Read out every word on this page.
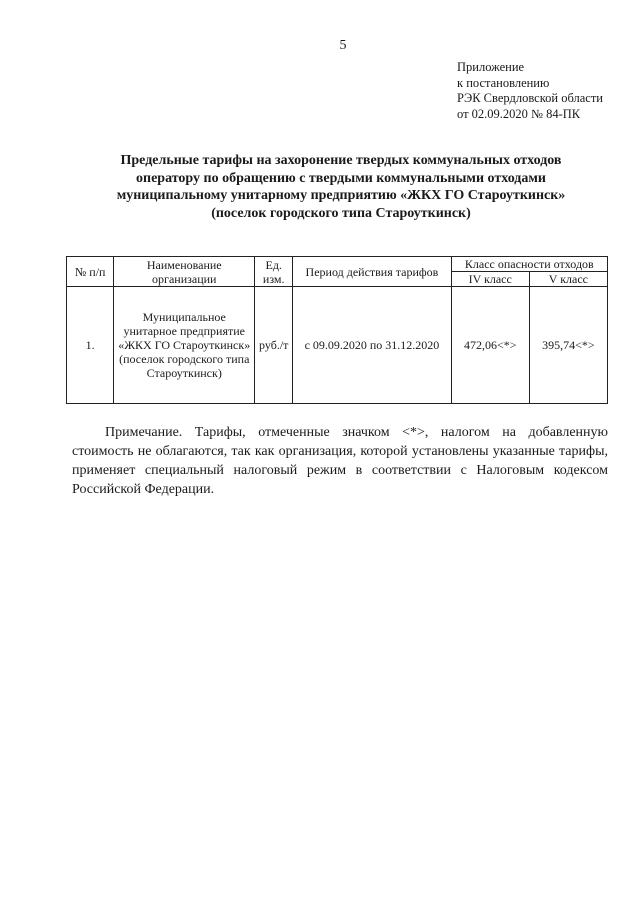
5
Приложение
к постановлению
РЭК Свердловской области
от 02.09.2020 № 84-ПК
Предельные тарифы на захоронение твердых коммунальных отходов
оператору по обращению с твердыми коммунальными отходами
муниципальному унитарному предприятию «ЖКХ ГО Староуткинск»
(поселок городского типа Староуткинск)
№ п/п	Наименование организации	Ед. изм.	Период действия тарифов	Класс опасности отходов	
				IV класс	V класс
1.	Муниципальное унитарное предприятие «ЖКХ ГО Староуткинск» (поселок городского типа Староуткинск)	руб./т	с 09.09.2020 по 31.12.2020	472,06<*>	395,74<*>
Примечание. Тарифы, отмеченные значком <*>, налогом на добавленную стоимость не облагаются, так как организация, которой установлены указанные тарифы, применяет специальный налоговый режим в соответствии с Налоговым кодексом Российской Федерации.
